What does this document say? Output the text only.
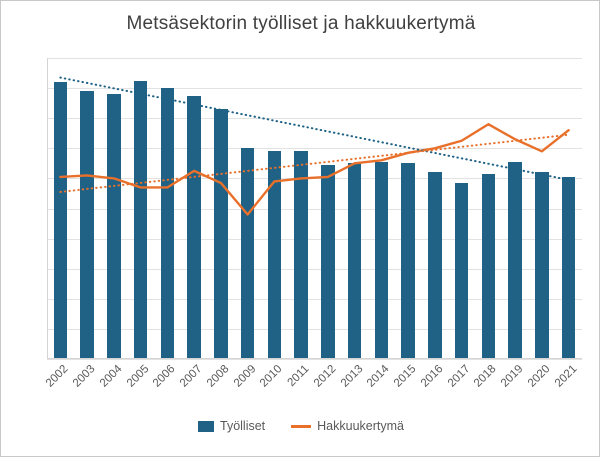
Metsäsektorin työlliset ja hakkuukertymä
2002 2003 2004 2005 2006 2007 2008 2009 2010 2011 2012 2013 2014 2015 2016 2017 2018 2019 2020 2021
Työlliset	Hakkuukertymä
